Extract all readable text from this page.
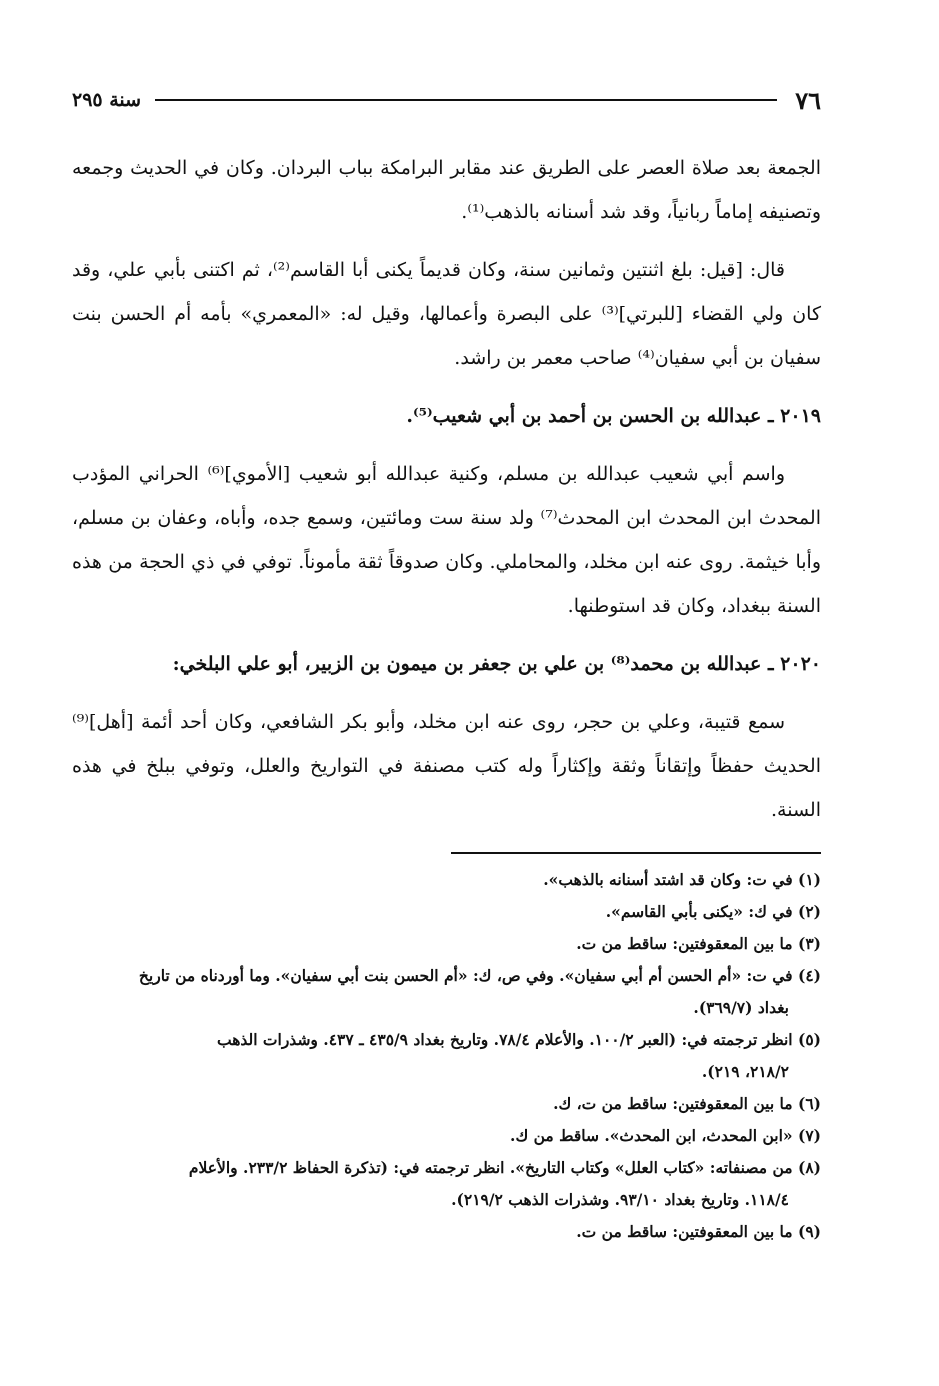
٧٦
سنة ٢٩٥

الجمعة بعد صلاة العصر على الطريق عند مقابر البرامكة بباب البردان. وكان في الحديث وجمعه وتصنيفه إماماً ربانياً، وقد شد أسنانه بالذهب⁽¹⁾.

قال: [قيل: بلغ اثنتين وثمانين سنة، وكان قديماً يكنى أبا القاسم⁽²⁾، ثم اكتنى بأبي علي، وقد كان ولي القضاء [للبرتي]⁽³⁾ على البصرة وأعمالها، وقيل له: «المعمري» بأمه أم الحسن بنت سفيان بن أبي سفيان⁽⁴⁾ صاحب معمر بن راشد.

٢٠١٩ ـ عبدالله بن الحسن بن أحمد بن أبي شعيب⁽⁵⁾.

واسم أبي شعيب عبدالله بن مسلم، وكنية عبدالله أبو شعيب [الأموي]⁽⁶⁾ الحراني المؤدب المحدث ابن المحدث ابن المحدث⁽⁷⁾ ولد سنة ست ومائتين، وسمع جده، وأباه، وعفان بن مسلم، وأبا خيثمة. روى عنه ابن مخلد، والمحاملي. وكان صدوقاً ثقة مأموناً. توفي في ذي الحجة من هذه السنة ببغداد، وكان قد استوطنها.

٢٠٢٠ ـ عبدالله بن محمد⁽⁸⁾ بن علي بن جعفر بن ميمون بن الزبير، أبو علي البلخي:

سمع قتيبة، وعلي بن حجر، روى عنه ابن مخلد، وأبو بكر الشافعي، وكان أحد أئمة [أهل]⁽⁹⁾ الحديث حفظاً وإتقاناً وثقة وإكثاراً وله كتب مصنفة في التواريخ والعلل، وتوفي ببلخ في هذه السنة.

(١) في ت: وكان قد اشتد أسنانه بالذهب».

(٢) في ك: «يكنى بأبي القاسم».

(٣) ما بين المعقوفتين: ساقط من ت.

(٤) في ت: «أم الحسن أم أبي سفيان». وفي ص، ك: «أم الحسن بنت أبي سفيان». وما أوردناه من تاريخ
بغداد (٣٦٩/٧).

(٥) انظر ترجمته في: (العبر ١٠٠/٢. والأعلام ٧٨/٤. وتاريخ بغداد ٤٣٥/٩ ـ ٤٣٧. وشذرات الذهب
٢١٨/٢، ٢١٩).

(٦) ما بين المعقوفتين: ساقط من ت، ك.

(٧) «ابن المحدث، ابن المحدث». ساقط من ك.

(٨) من مصنفاته: «كتاب العلل» وكتاب التاريخ». انظر ترجمته في: (تذكرة الحفاظ ٢٣٣/٢. والأعلام
١١٨/٤. وتاريخ بغداد ٩٣/١٠. وشذرات الذهب ٢١٩/٢).

(٩) ما بين المعقوفتين: ساقط من ت.
